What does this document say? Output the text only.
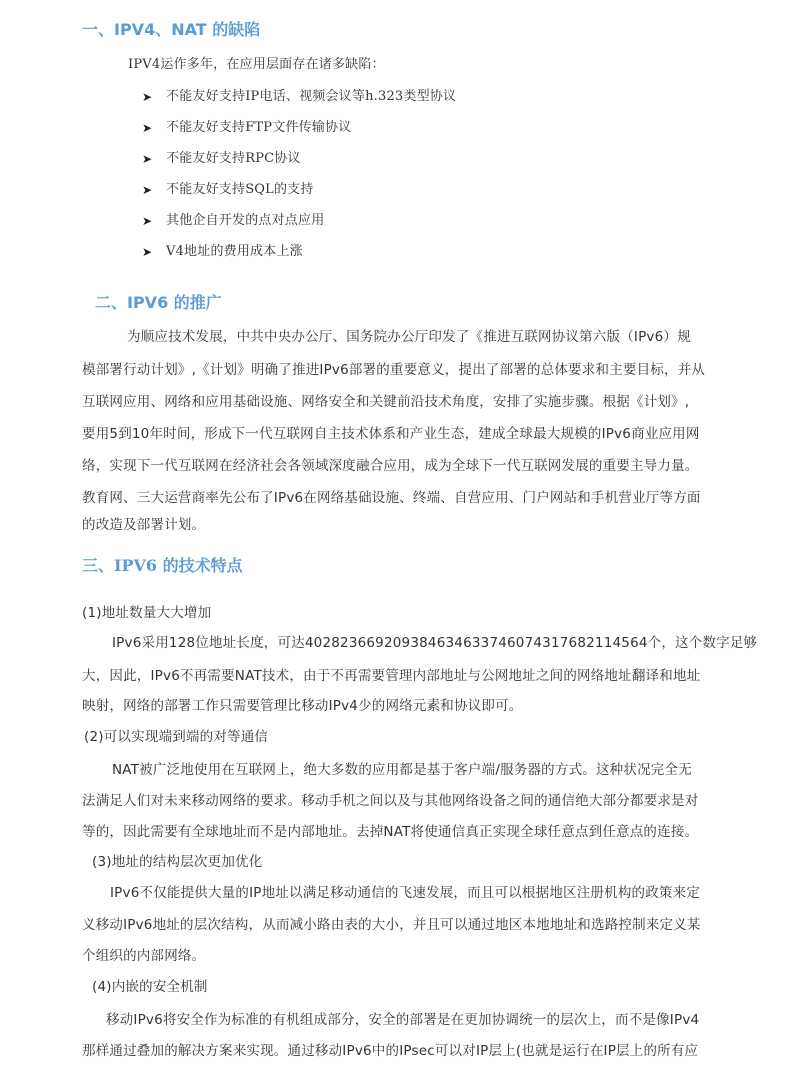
一、IPV4、NAT 的缺陷
IPV4运作多年，在应用层面存在诸多缺陷：
二、IPV6 的推广
三、IPV6 的技术特点
➤ 不能友好支持IP电话、视频会议等h.323类型协议
➤ 不能友好支持FTP文件传输协议
➤ 不能友好支持RPC协议
➤ 不能友好支持SQL的支持
➤ 其他企自开发的点对点应用
➤ V4地址的费用成本上涨
为顺应技术发展，中共中央办公厅、国务院办公厅印发了《推进互联网协议第六版（IPv6）规
模部署行动计划》,《计划》明确了推进IPv6部署的重要意义，提出了部署的总体要求和主要目标，并从
互联网应用、网络和应用基础设施、网络安全和关键前沿技术角度，安排了实施步骤。根据《计划》,
要用5到10年时间，形成下一代互联网自主技术体系和产业生态，建成全球最大规模的IPv6商业应用网
络，实现下一代互联网在经济社会各领域深度融合应用，成为全球下一代互联网发展的重要主导力量。
教育网、三大运营商率先公布了IPv6在网络基础设施、终端、自营应用、门户网站和手机营业厅等方面
的改造及部署计划。
(1)地址数量大大增加
IPv6采用128位地址长度，可达402823669209384634633746074317682114564个，这个数字足够
大，因此，IPv6不再需要NAT技术，由于不再需要管理内部地址与公网地址之间的网络地址翻译和地址
映射，网络的部署工作只需要管理比移动IPv4少的网络元素和协议即可。
(2)可以实现端到端的对等通信
NAT被广泛地使用在互联网上，绝大多数的应用都是基于客户端/服务器的方式。这种状况完全无
法满足人们对未来移动网络的要求。移动手机之间以及与其他网络设备之间的通信绝大部分都要求是对
等的，因此需要有全球地址而不是内部地址。去掉NAT将使通信真正实现全球任意点到任意点的连接。
(3)地址的结构层次更加优化
IPv6不仅能提供大量的IP地址以满足移动通信的飞速发展，而且可以根据地区注册机构的政策来定
义移动IPv6地址的层次结构，从而减小路由表的大小，并且可以通过地区本地地址和选路控制来定义某
个组织的内部网络。
(4)内嵌的安全机制
移动IPv6将安全作为标准的有机组成部分，安全的部署是在更加协调统一的层次上，而不是像IPv4
那样通过叠加的解决方案来实现。通过移动IPv6中的IPsec可以对IP层上(也就是运行在IP层上的所有应
